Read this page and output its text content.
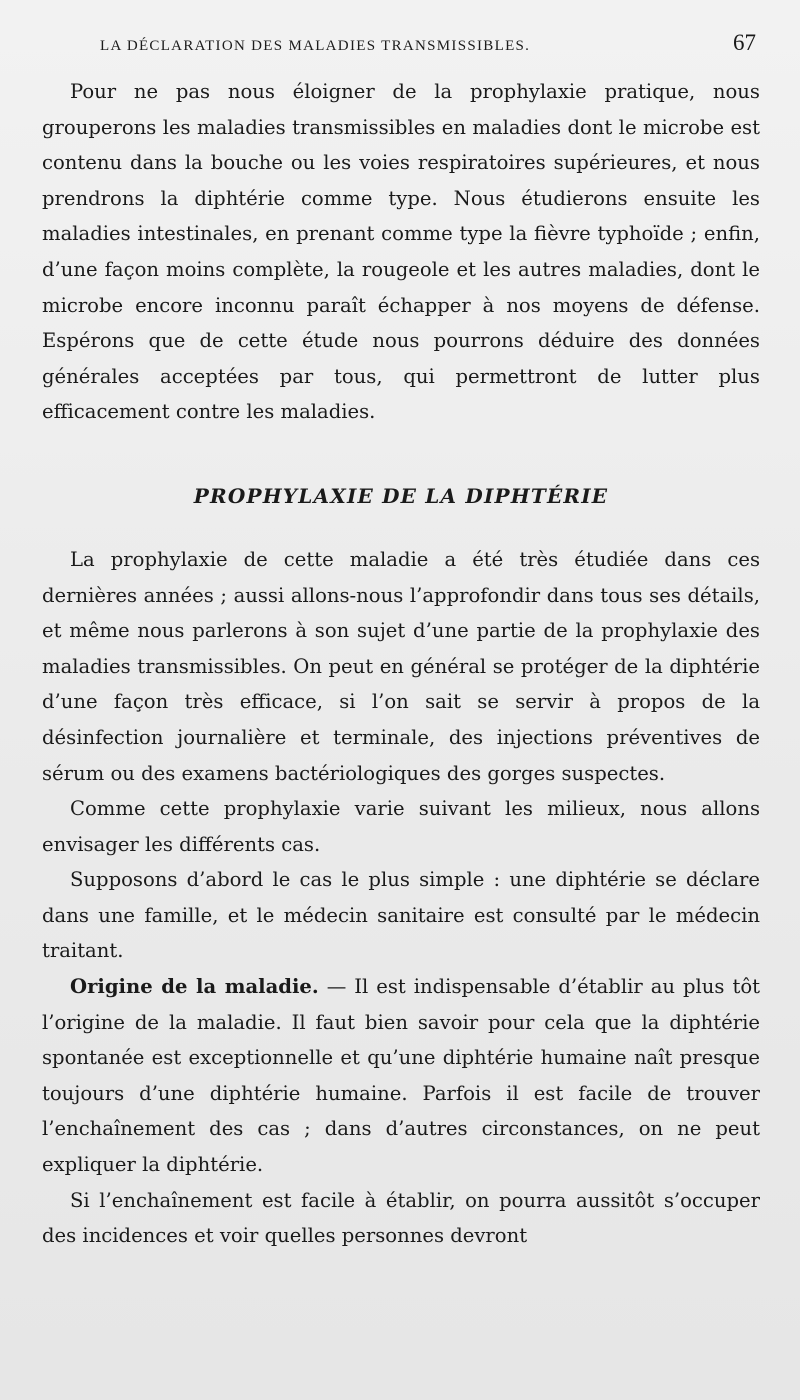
LA DÉCLARATION DES MALADIES TRANSMISSIBLES.	67

Pour ne pas nous éloigner de la prophylaxie pratique, nous grouperons les maladies transmissibles en maladies dont le microbe est contenu dans la bouche ou les voies respiratoires supérieures, et nous prendrons la diphtérie comme type. Nous étudierons ensuite les maladies intestinales, en prenant comme type la fièvre typhoïde ; enfin, d’une façon moins complète, la rougeole et les autres maladies, dont le microbe encore inconnu paraît échapper à nos moyens de défense. Espérons que de cette étude nous pourrons déduire des données générales acceptées par tous, qui permettront de lutter plus efficacement contre les maladies.

PROPHYLAXIE DE LA DIPHTÉRIE

La prophylaxie de cette maladie a été très étudiée dans ces dernières années ; aussi allons-nous l’approfondir dans tous ses détails, et même nous parlerons à son sujet d’une partie de la prophylaxie des maladies transmissibles. On peut en général se protéger de la diphtérie d’une façon très efficace, si l’on sait se servir à propos de la désinfection journalière et terminale, des injections préventives de sérum ou des examens bactériologiques des gorges suspectes.

Comme cette prophylaxie varie suivant les milieux, nous allons envisager les différents cas.

Supposons d’abord le cas le plus simple : une diphtérie se déclare dans une famille, et le médecin sanitaire est consulté par le médecin traitant.

Origine de la maladie. — Il est indispensable d’établir au plus tôt l’origine de la maladie. Il faut bien savoir pour cela que la diphtérie spontanée est exceptionnelle et qu’une diphtérie humaine naît presque toujours d’une diphtérie humaine. Parfois il est facile de trouver l’enchaînement des cas ; dans d’autres circonstances, on ne peut expliquer la diphtérie.

Si l’enchaînement est facile à établir, on pourra aussitôt s’occuper des incidences et voir quelles personnes devront
